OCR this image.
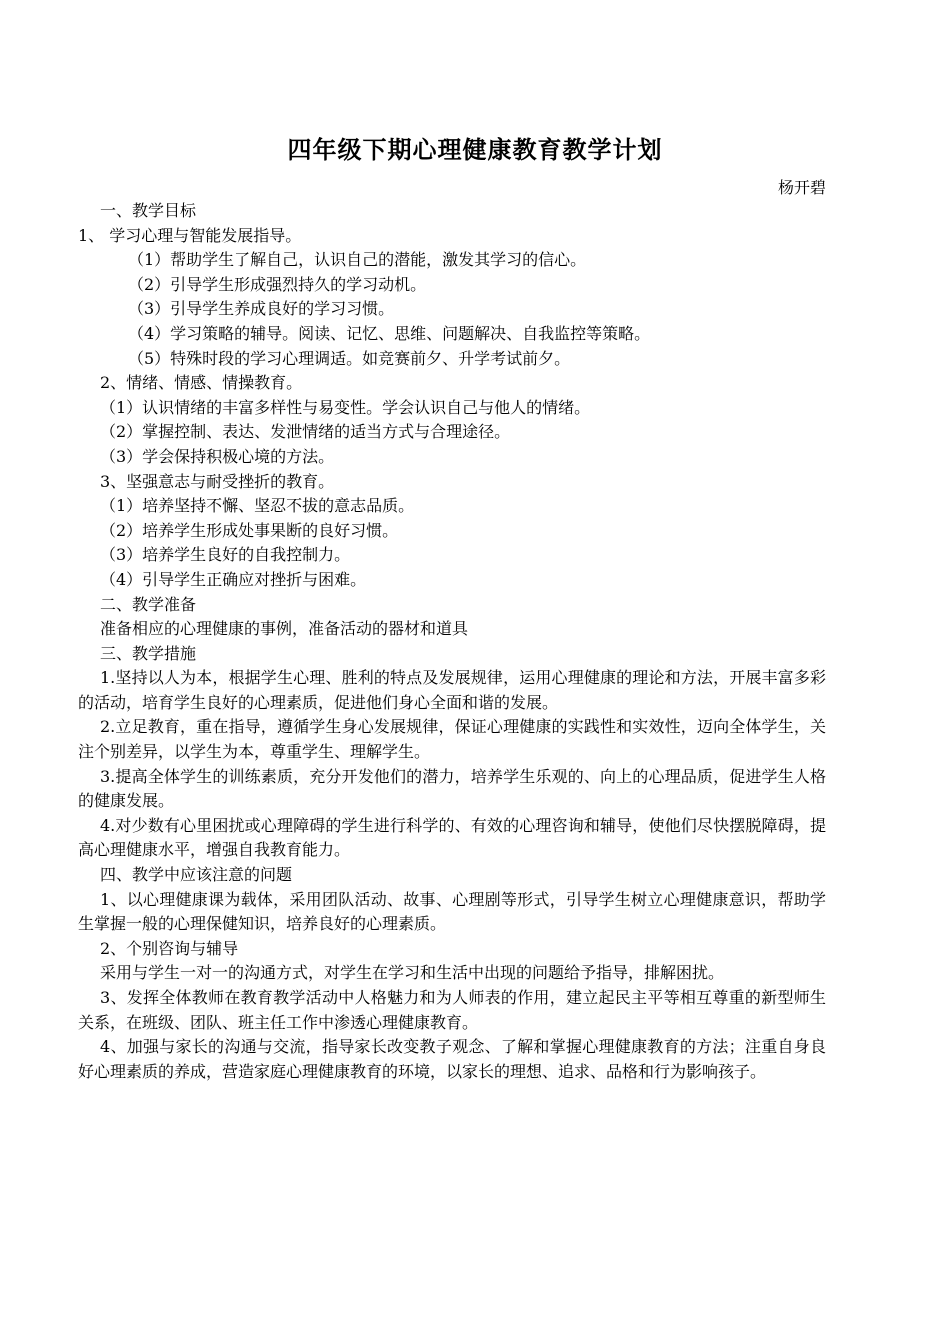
四年级下期心理健康教育教学计划
杨开碧

一、教学目标

1、 学习心理与智能发展指导。

（1）帮助学生了解自己，认识自己的潜能，激发其学习的信心。

（2）引导学生形成强烈持久的学习动机。

（3）引导学生养成良好的学习习惯。

（4）学习策略的辅导。阅读、记忆、思维、问题解决、自我监控等策略。

（5）特殊时段的学习心理调适。如竞赛前夕、升学考试前夕。

2、情绪、情感、情操教育。

（1）认识情绪的丰富多样性与易变性。学会认识自己与他人的情绪。

（2）掌握控制、表达、发泄情绪的适当方式与合理途径。

（3）学会保持积极心境的方法。

3、坚强意志与耐受挫折的教育。

（1）培养坚持不懈、坚忍不拔的意志品质。

（2）培养学生形成处事果断的良好习惯。

（3）培养学生良好的自我控制力。

（4）引导学生正确应对挫折与困难。

二、教学准备

准备相应的心理健康的事例，准备活动的器材和道具

三、教学措施

1.坚持以人为本，根据学生心理、胜利的特点及发展规律，运用心理健康的理论和方法，开展丰富多彩的活动，培育学生良好的心理素质，促进他们身心全面和谐的发展。

2.立足教育，重在指导，遵循学生身心发展规律，保证心理健康的实践性和实效性，迈向全体学生，关注个别差异，以学生为本，尊重学生、理解学生。

3.提高全体学生的训练素质，充分开发他们的潜力，培养学生乐观的、向上的心理品质，促进学生人格的健康发展。

4.对少数有心里困扰或心理障碍的学生进行科学的、有效的心理咨询和辅导，使他们尽快摆脱障碍，提高心理健康水平，增强自我教育能力。

四、教学中应该注意的问题

1、以心理健康课为载体，采用团队活动、故事、心理剧等形式，引导学生树立心理健康意识，帮助学生掌握一般的心理保健知识，培养良好的心理素质。

2、个别咨询与辅导

采用与学生一对一的沟通方式，对学生在学习和生活中出现的问题给予指导，排解困扰。

3、发挥全体教师在教育教学活动中人格魅力和为人师表的作用，建立起民主平等相互尊重的新型师生关系，在班级、团队、班主任工作中渗透心理健康教育。

4、加强与家长的沟通与交流，指导家长改变教子观念、了解和掌握心理健康教育的方法；注重自身良好心理素质的养成，营造家庭心理健康教育的环境，以家长的理想、追求、品格和行为影响孩子。
